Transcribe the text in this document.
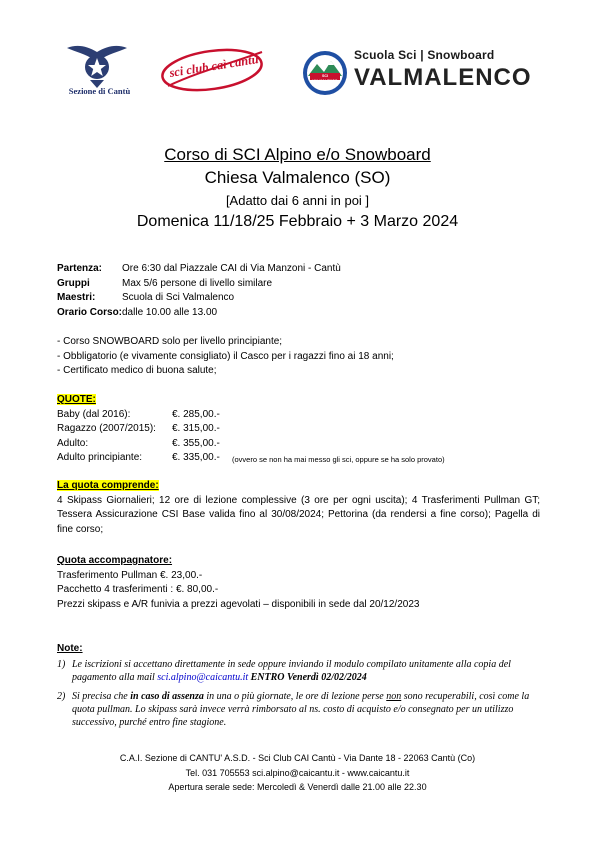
Sezione di Cantù
sci club caì cantù	SCI VALMALENCO
Scuola Sci | Snowboard
VALMALENCO
Corso di SCI Alpino e/o Snowboard
Chiesa Valmalenco (SO)
[Adatto dai 6 anni in poi ]
Domenica 11/18/25 Febbraio + 3 Marzo 2024
Partenza:	Ore 6:30 dal Piazzale CAI di Via Manzoni - Cantù
Gruppi	Max 5/6 persone di livello similare
Maestri:	Scuola di Sci Valmalenco
Orario Corso: dalle 10.00 alle 13.00
- Corso SNOWBOARD solo per livello principiante;
- Obbligatorio (e vivamente consigliato) il Casco per i ragazzi fino ai 18 anni;
- Certificato medico di buona salute;
QUOTE:
Baby (dal 2016):	€. 285,00.-
Ragazzo (2007/2015):	€. 315,00.-
Adulto:	€. 355,00.-
Adulto principiante:	€. 335,00.-	(ovvero se non ha mai messo gli sci, oppure se ha solo provato)
La quota comprende:
4 Skipass Giornalieri; 12 ore di lezione complessive (3 ore per ogni uscita); 4 Trasferimenti Pullman GT; Tessera Assicurazione CSI Base valida fino al 30/08/2024; Pettorina (da rendersi a fine corso); Pagella di fine corso;
Quota accompagnatore:
Trasferimento Pullman €. 23,00.-
Pacchetto 4 trasferimenti : €. 80,00.-
Prezzi skipass e A/R funivia a prezzi agevolati – disponibili in sede dal 20/12/2023
Note:
1) Le iscrizioni si accettano direttamente in sede oppure inviando il modulo compilato unitamente alla copia del pagamento alla mail sci.alpino@caicantu.it ENTRO Venerdì 02/02/2024
2) Si precisa che in caso di assenza in una o più giornate, le ore di lezione perse non sono recuperabili, così come la quota pullman. Lo skipass sarà invece verrà rimborsato al ns. costo di acquisto e/o consegnato per un utilizzo successivo, purché entro fine stagione.
C.A.I. Sezione di CANTU' A.S.D. - Sci Club CAI Cantù - Via Dante 18 - 22063 Cantù (Co)
Tel. 031 705553 sci.alpino@caicantu.it - www.caicantu.it
Apertura serale sede: Mercoledì & Venerdì dalle 21.00 alle 22.30
